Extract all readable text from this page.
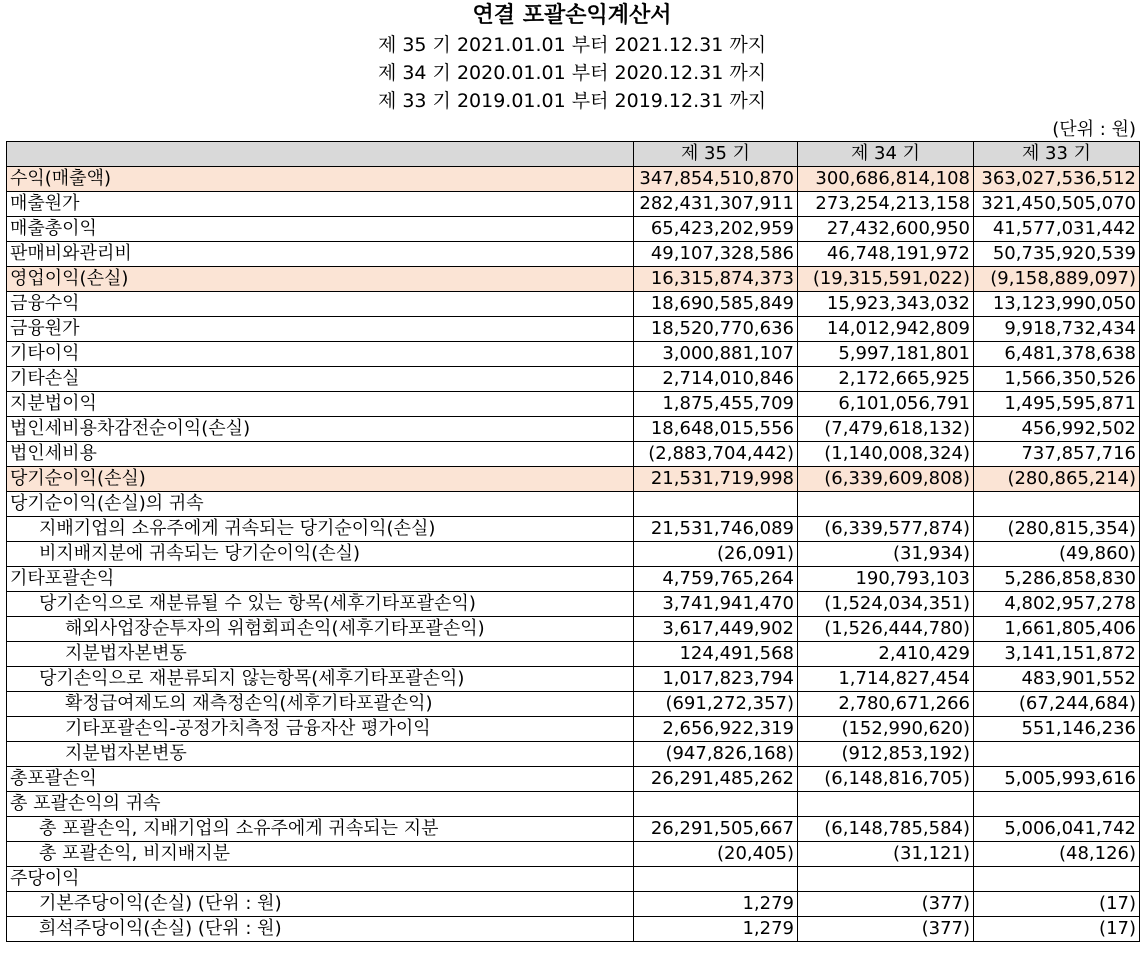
연결 포괄손익계산서
제 35 기 2021.01.01 부터 2021.12.31 까지
제 34 기 2020.01.01 부터 2020.12.31 까지
제 33 기 2019.01.01 부터 2019.12.31 까지
(단위 : 원)
	제 35 기	제 34 기	제 33 기
수익(매출액)	347,854,510,870	300,686,814,108	363,027,536,512
매출원가	282,431,307,911	273,254,213,158	321,450,505,070
매출총이익	65,423,202,959	27,432,600,950	41,577,031,442
판매비와관리비	49,107,328,586	46,748,191,972	50,735,920,539
영업이익(손실)	16,315,874,373	(19,315,591,022)	(9,158,889,097)
금융수익	18,690,585,849	15,923,343,032	13,123,990,050
금융원가	18,520,770,636	14,012,942,809	9,918,732,434
기타이익	3,000,881,107	5,997,181,801	6,481,378,638
기타손실	2,714,010,846	2,172,665,925	1,566,350,526
지분법이익	1,875,455,709	6,101,056,791	1,495,595,871
법인세비용차감전순이익(손실)	18,648,015,556	(7,479,618,132)	456,992,502
법인세비용	(2,883,704,442)	(1,140,008,324)	737,857,716
당기순이익(손실)	21,531,719,998	(6,339,609,808)	(280,865,214)
당기순이익(손실)의 귀속			
지배기업의 소유주에게 귀속되는 당기순이익(손실)	21,531,746,089	(6,339,577,874)	(280,815,354)
비지배지분에 귀속되는 당기순이익(손실)	(26,091)	(31,934)	(49,860)
기타포괄손익	4,759,765,264	190,793,103	5,286,858,830
당기손익으로 재분류될 수 있는 항목(세후기타포괄손익)	3,741,941,470	(1,524,034,351)	4,802,957,278
해외사업장순투자의 위험회피손익(세후기타포괄손익)	3,617,449,902	(1,526,444,780)	1,661,805,406
지분법자본변동	124,491,568	2,410,429	3,141,151,872
당기손익으로 재분류되지 않는항목(세후기타포괄손익)	1,017,823,794	1,714,827,454	483,901,552
확정급여제도의 재측정손익(세후기타포괄손익)	(691,272,357)	2,780,671,266	(67,244,684)
기타포괄손익-공정가치측정 금융자산 평가이익	2,656,922,319	(152,990,620)	551,146,236
지분법자본변동	(947,826,168)	(912,853,192)	
총포괄손익	26,291,485,262	(6,148,816,705)	5,005,993,616
총 포괄손익의 귀속			
총 포괄손익, 지배기업의 소유주에게 귀속되는 지분	26,291,505,667	(6,148,785,584)	5,006,041,742
총 포괄손익, 비지배지분	(20,405)	(31,121)	(48,126)
주당이익			
기본주당이익(손실) (단위 : 원)	1,279	(377)	(17)
희석주당이익(손실) (단위 : 원)	1,279	(377)	(17)
